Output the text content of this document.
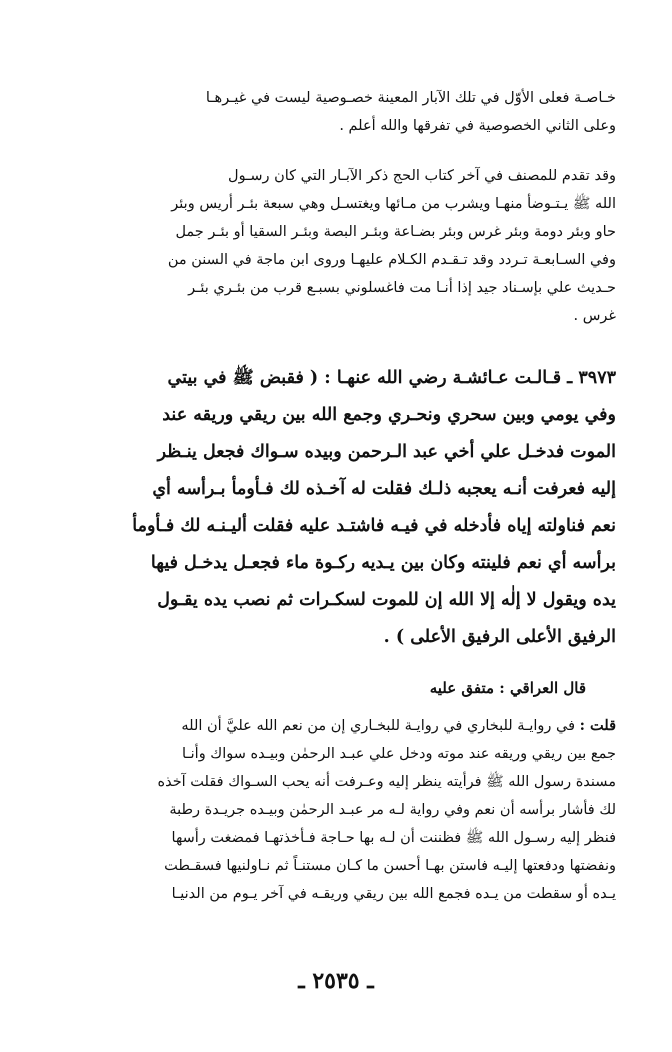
خـاصـة فعلى الأوّل في تلك الآبار المعينة خصـوصية ليست في غيـرهـا
وعلى الثاني الخصوصية في تفرقها والله أعلم .
وقد تقدم للمصنف في آخر كتاب الحج ذكر الآبـار التي كان رسـول
الله ﷺ يـتـوضأ منهـا ويشرب من مـائها ويغتسـل وهي سبعة بئـر أريس وبئر
حاو وبئر دومة وبئر غرس وبئر بضـاعة وبئـر البصة وبئـر السقيا أو بئـر جمل
وفي السـابعـة تـردد وقد تـقـدم الكـلام عليهـا وروى ابن ماجة في السنن من
حـديث علي بإسـناد جيد إذا أنـا مت فاغسلوني بسبـع قرب من بئـري بئـر
غرس .
٣٩٧٣ ـ قـالـت عـائشـة رضي الله عنهـا : ( فقبض ﷺ في بيتي
وفي يومي وبين سحري ونحـري وجمع الله بين ريقي وريقه عند
الموت فدخـل علي أخي عبد الـرحمن وبيده سـواك فجعل ينـظر
إليه فعرفت أنـه يعجبه ذلـك فقلت له آخـذه لك فـأومأ بـرأسه أي
نعم فناولته إياه فأدخله في فيـه فاشتـد عليه فقلت أليـنـه لك فـأومأ
برأسه أي نعم فلينته وكان بين يـديه ركـوة ماء فجعـل يدخـل فيها
يده ويقول لا إلٰه إلا الله إن للموت لسكـرات ثم نصب يده يقـول
الرفيق الأعلى الرفيق الأعلى ) .
قال العراقي : متفق عليه
قلت : في روايـة للبخاري في روايـة للبخـاري إن من نعم الله عليَّ أن الله
جمع بين ريقي وريقه عند موته ودخل علي عبـد الرحمٰن وبيـده سواك وأنـا
مسندة رسول الله ﷺ فرأيته ينظر إليه وعـرفت أنه يحب السـواك فقلت آخذه
لك فأشار برأسه أن نعم وفي رواية لـه مر عبـد الرحمٰن وبيـده جريـدة رطبة
فنظر إليه رسـول الله ﷺ فظننت أن لـه بها حـاجة فـأخذتهـا فمضغت رأسها
ونفضتها ودفعتها إليـه فاستن بهـا أحسن ما كـان مستنـاً ثم نـاولنيها فسقـطت
يـده أو سقطت من يـده فجمع الله بين ريقي وريقـه في آخر يـوم من الدنيـا
ـ ٢٥٣٥ ـ
